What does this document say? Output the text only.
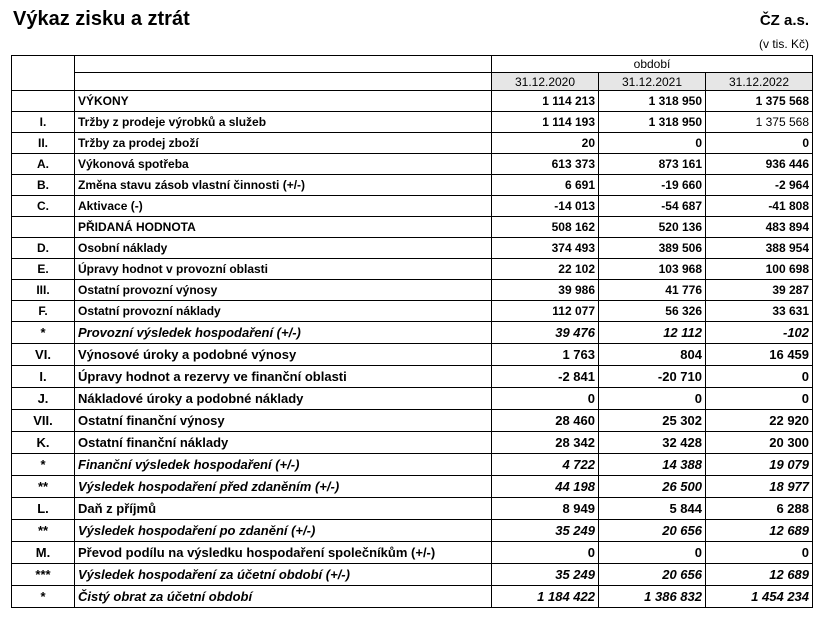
Výkaz zisku a ztrát	ČZ a.s.
(v tis. Kč)
		období		
		31.12.2020	31.12.2021	31.12.2022
	VÝKONY	1 114 213	1 318 950	1 375 568
I.	Tržby z prodeje výrobků a služeb	1 114 193	1 318 950	1 375 568
II.	Tržby za prodej zboží	20	0	0
A.	Výkonová spotřeba	613 373	873 161	936 446
B.	Změna stavu zásob vlastní činnosti (+/-)	6 691	-19 660	-2 964
C.	Aktivace (-)	-14 013	-54 687	-41 808
	PŘIDANÁ HODNOTA	508 162	520 136	483 894
D.	Osobní náklady	374 493	389 506	388 954
E.	Úpravy hodnot v provozní oblasti	22 102	103 968	100 698
III.	Ostatní provozní výnosy	39 986	41 776	39 287
F.	Ostatní provozní náklady	112 077	56 326	33 631
*	Provozní výsledek hospodaření (+/-)	39 476	12 112	-102
VI.	Výnosové úroky a podobné výnosy	1 763	804	16 459
I.	Úpravy hodnot a rezervy ve finanční oblasti	-2 841	-20 710	0
J.	Nákladové úroky a podobné náklady	0	0	0
VII.	Ostatní finanční výnosy	28 460	25 302	22 920
K.	Ostatní finanční náklady	28 342	32 428	20 300
*	Finanční výsledek hospodaření (+/-)	4 722	14 388	19 079
**	Výsledek hospodaření před zdaněním (+/-)	44 198	26 500	18 977
L.	Daň z příjmů	8 949	5 844	6 288
**	Výsledek hospodaření po zdanění (+/-)	35 249	20 656	12 689
M.	Převod podílu na výsledku hospodaření společníkům (+/-)	0	0	0
***	Výsledek hospodaření za účetní období (+/-)	35 249	20 656	12 689
*	Čistý obrat za účetní období	1 184 422	1 386 832	1 454 234
